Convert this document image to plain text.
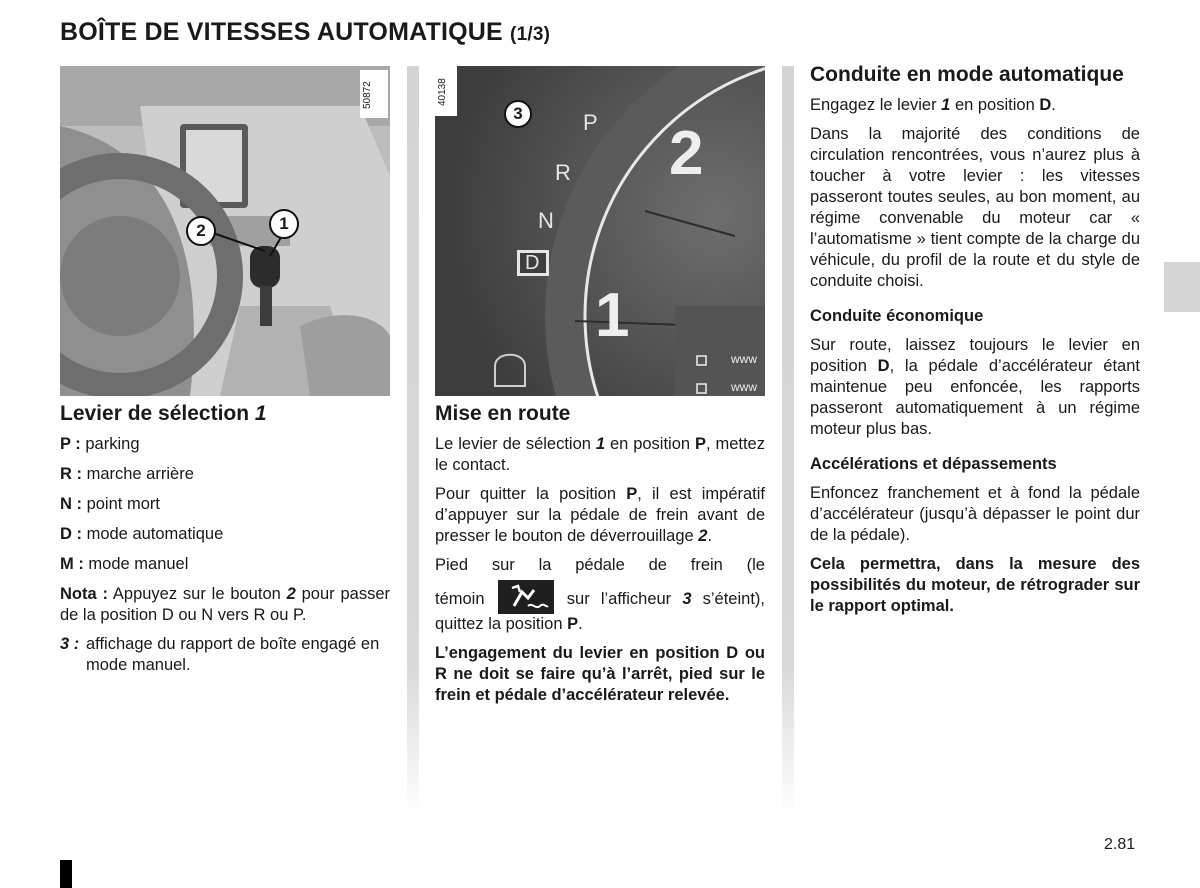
BOÎTE DE VITESSES AUTOMATIQUE (1/3)
50872
2	1
40138
3	P
R
N
D
2
1
www
www
Levier de sélection 1
P : parking
R : marche arrière
N : point mort
D : mode automatique
M : mode manuel

Nota : Appuyez sur le bouton 2 pour passer de la position D ou N vers R ou P.

3 : affichage du rapport de boîte engagé en mode manuel.
Mise en route

Le levier de sélection 1 en position P, mettez le contact.

Pour quitter la position P, il est impératif d’appuyer sur la pédale de frein avant de presser le bouton de déverrouillage 2.

Pied sur la pédale de frein (le

témoin	sur l’afficheur 3 s’éteint), quittez la position P.

L’engagement du levier en position D ou R ne doit se faire qu’à l’arrêt, pied sur le frein et pédale d’accélérateur relevée.

Conduite en mode automatique

Engagez le levier 1 en position D.

Dans la majorité des conditions de circulation rencontrées, vous n’aurez plus à toucher à votre levier : les vitesses passeront toutes seules, au bon moment, au régime convenable du moteur car « l’automatisme » tient compte de la charge du véhicule, du profil de la route et du style de conduite choisi.

Conduite économique

Sur route, laissez toujours le levier en position D, la pédale d’accélérateur étant maintenue peu enfoncée, les rapports passeront automatiquement à un régime moteur plus bas.

Accélérations et dépassements

Enfoncez franchement et à fond la pédale d’accélérateur (jusqu’à dépasser le point dur de la pédale).

Cela permettra, dans la mesure des possibilités du moteur, de rétrograder sur le rapport optimal.

2.81
